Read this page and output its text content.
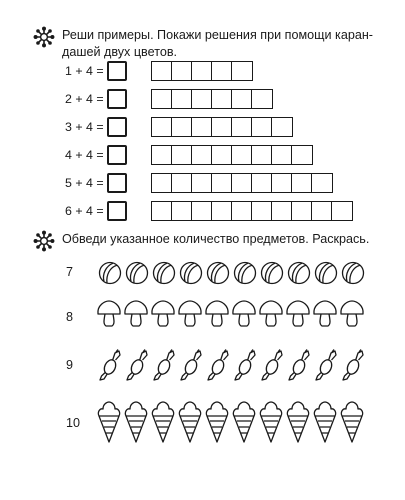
Реши примеры. Покажи решения при помощи каран-
дашей двух цветов.
1 + 4 =
2 + 4 =
3 + 4 =
4 + 4 =
5 + 4 =
6 + 4 =
Обведи указанное количество предметов. Раскрась.
7
8
9
10
